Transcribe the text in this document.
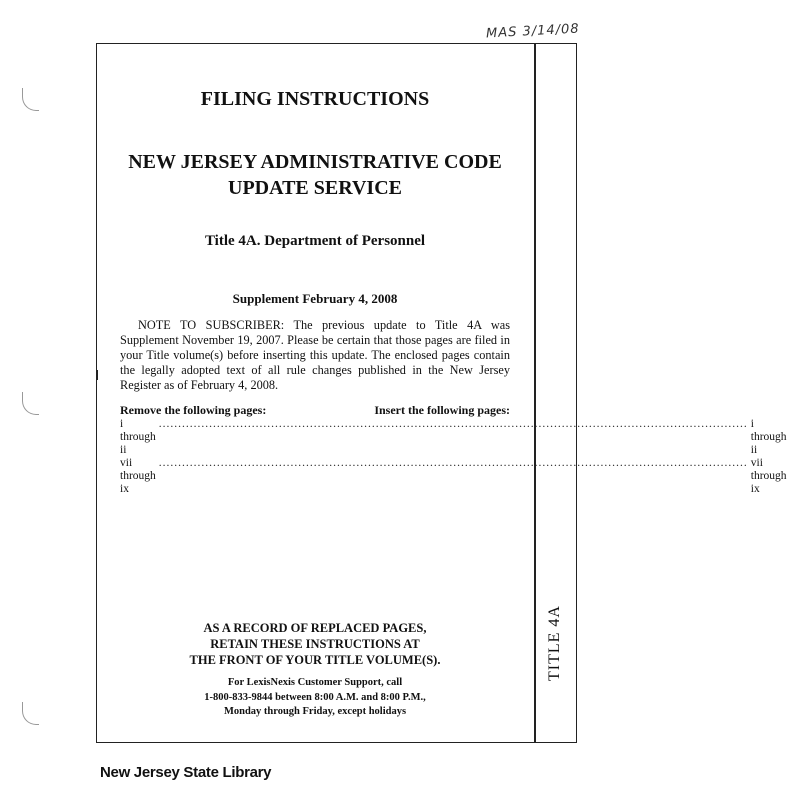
MAS 3/14/08
TITLE 4A
FILING INSTRUCTIONS
NEW JERSEY ADMINISTRATIVE CODE
UPDATE SERVICE

Title 4A. Department of Personnel

Supplement February 4, 2008

NOTE TO SUBSCRIBER: The previous update to Title 4A was Supplement November 19, 2007. Please be certain that those pages are filed in your Title volume(s) before inserting this update. The enclosed pages contain the legally adopted text of all rule changes published in the New Jersey Register as of February 4, 2008.

Remove the following pages:	Insert the following pages:
i through ii
........................................................................................................................................................ i through ii
vii through ix
........................................................................................................................................................ vii through ix
AS A RECORD OF REPLACED PAGES,
RETAIN THESE INSTRUCTIONS AT
THE FRONT OF YOUR TITLE VOLUME(S).
For LexisNexis Customer Support, call
1-800-833-9844 between 8:00 A.M. and 8:00 P.M.,
Monday through Friday, except holidays
New Jersey State Library
